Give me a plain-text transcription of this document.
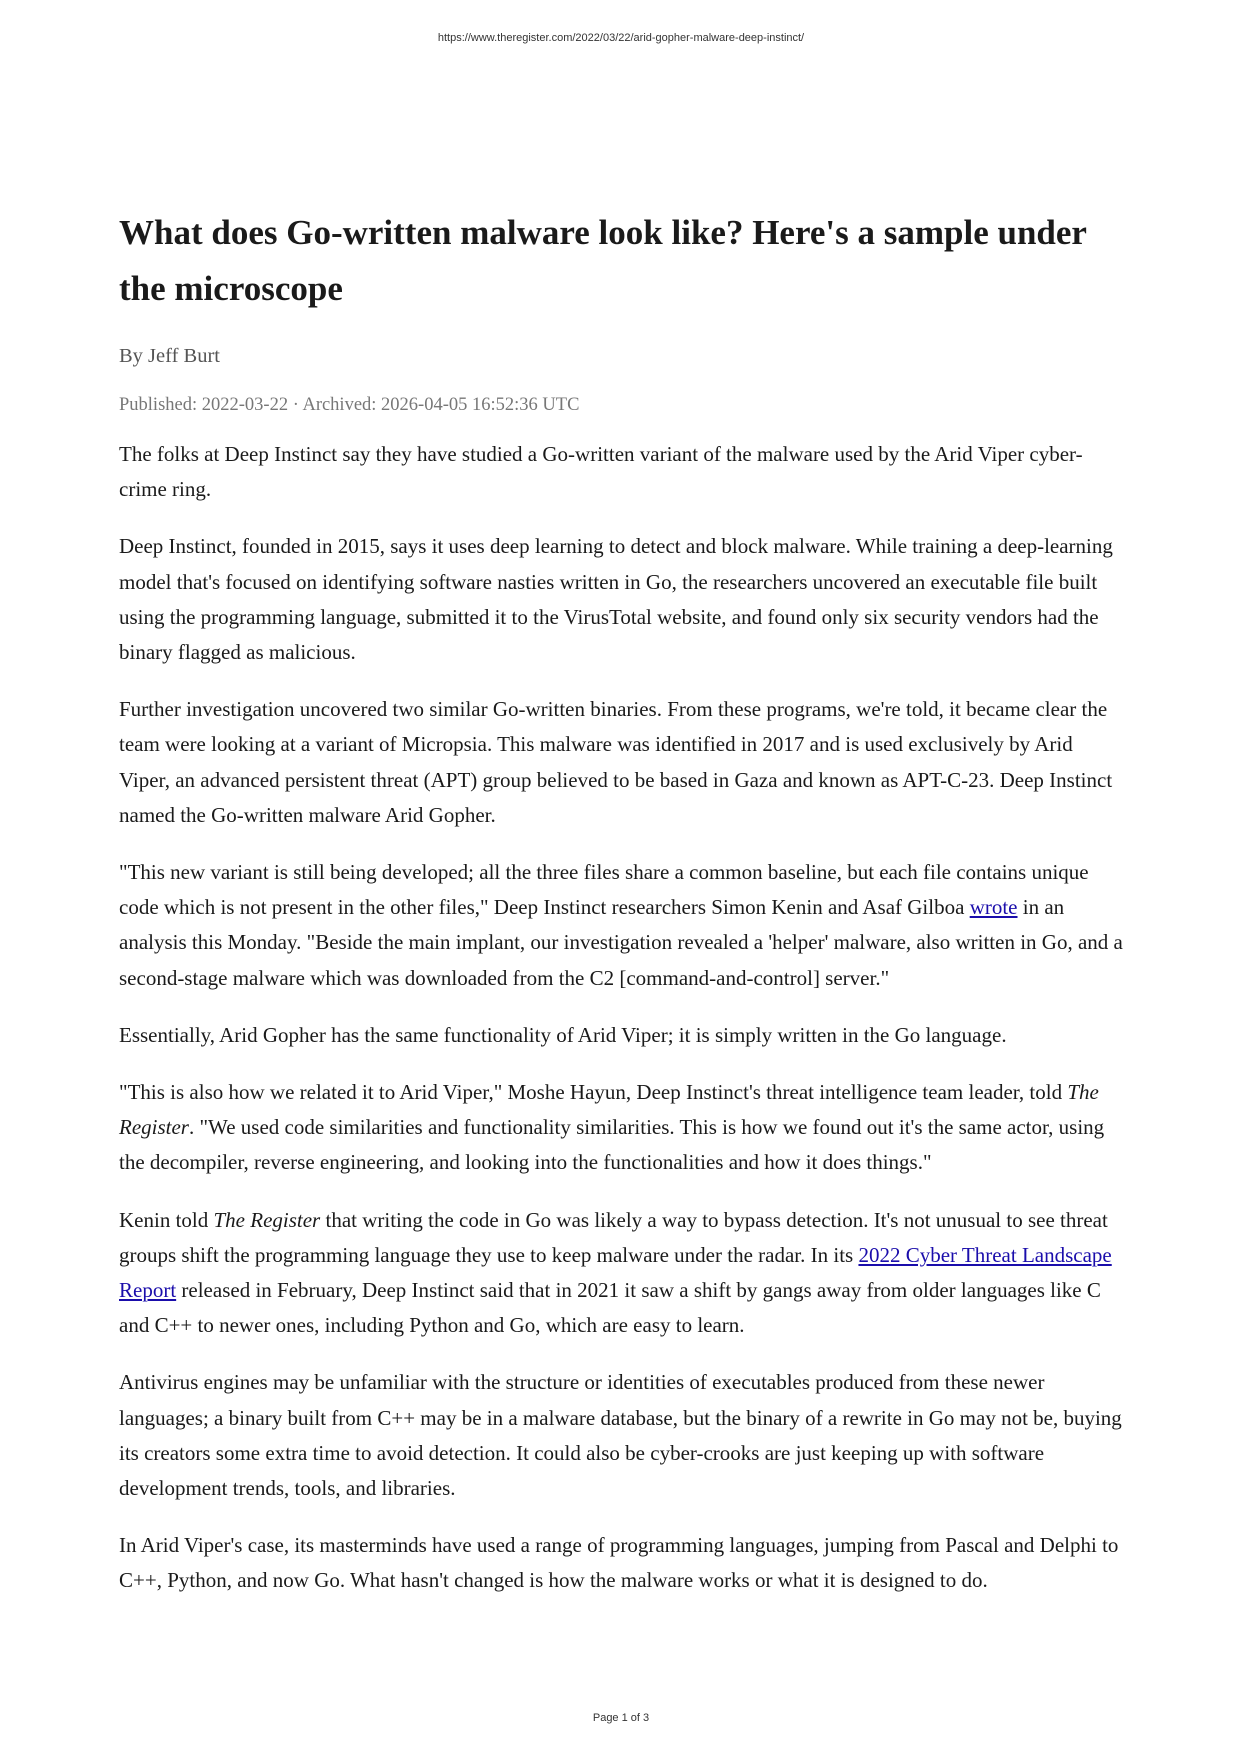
https://www.theregister.com/2022/03/22/arid-gopher-malware-deep-instinct/
What does Go-written malware look like? Here's a sample under the microscope
By Jeff Burt
Published: 2022-03-22 · Archived: 2026-04-05 16:52:36 UTC

The folks at Deep Instinct say they have studied a Go-written variant of the malware used by the Arid Viper cyber-crime ring.

Deep Instinct, founded in 2015, says it uses deep learning to detect and block malware. While training a deep-learning model that's focused on identifying software nasties written in Go, the researchers uncovered an executable file built using the programming language, submitted it to the VirusTotal website, and found only six security vendors had the binary flagged as malicious.

Further investigation uncovered two similar Go-written binaries. From these programs, we're told, it became clear the team were looking at a variant of Micropsia. This malware was identified in 2017 and is used exclusively by Arid Viper, an advanced persistent threat (APT) group believed to be based in Gaza and known as APT-C-23. Deep Instinct named the Go-written malware Arid Gopher.

"This new variant is still being developed; all the three files share a common baseline, but each file contains unique code which is not present in the other files," Deep Instinct researchers Simon Kenin and Asaf Gilboa wrote in an analysis this Monday. "Beside the main implant, our investigation revealed a 'helper' malware, also written in Go, and a second-stage malware which was downloaded from the C2 [command-and-control] server."

Essentially, Arid Gopher has the same functionality of Arid Viper; it is simply written in the Go language.

"This is also how we related it to Arid Viper," Moshe Hayun, Deep Instinct's threat intelligence team leader, told The Register. "We used code similarities and functionality similarities. This is how we found out it's the same actor, using the decompiler, reverse engineering, and looking into the functionalities and how it does things."

Kenin told The Register that writing the code in Go was likely a way to bypass detection. It's not unusual to see threat groups shift the programming language they use to keep malware under the radar. In its 2022 Cyber Threat Landscape Report released in February, Deep Instinct said that in 2021 it saw a shift by gangs away from older languages like C and C++ to newer ones, including Python and Go, which are easy to learn.

Antivirus engines may be unfamiliar with the structure or identities of executables produced from these newer languages; a binary built from C++ may be in a malware database, but the binary of a rewrite in Go may not be, buying its creators some extra time to avoid detection. It could also be cyber-crooks are just keeping up with software development trends, tools, and libraries.

In Arid Viper's case, its masterminds have used a range of programming languages, jumping from Pascal and Delphi to C++, Python, and now Go. What hasn't changed is how the malware works or what it is designed to do.

Page 1 of 3
